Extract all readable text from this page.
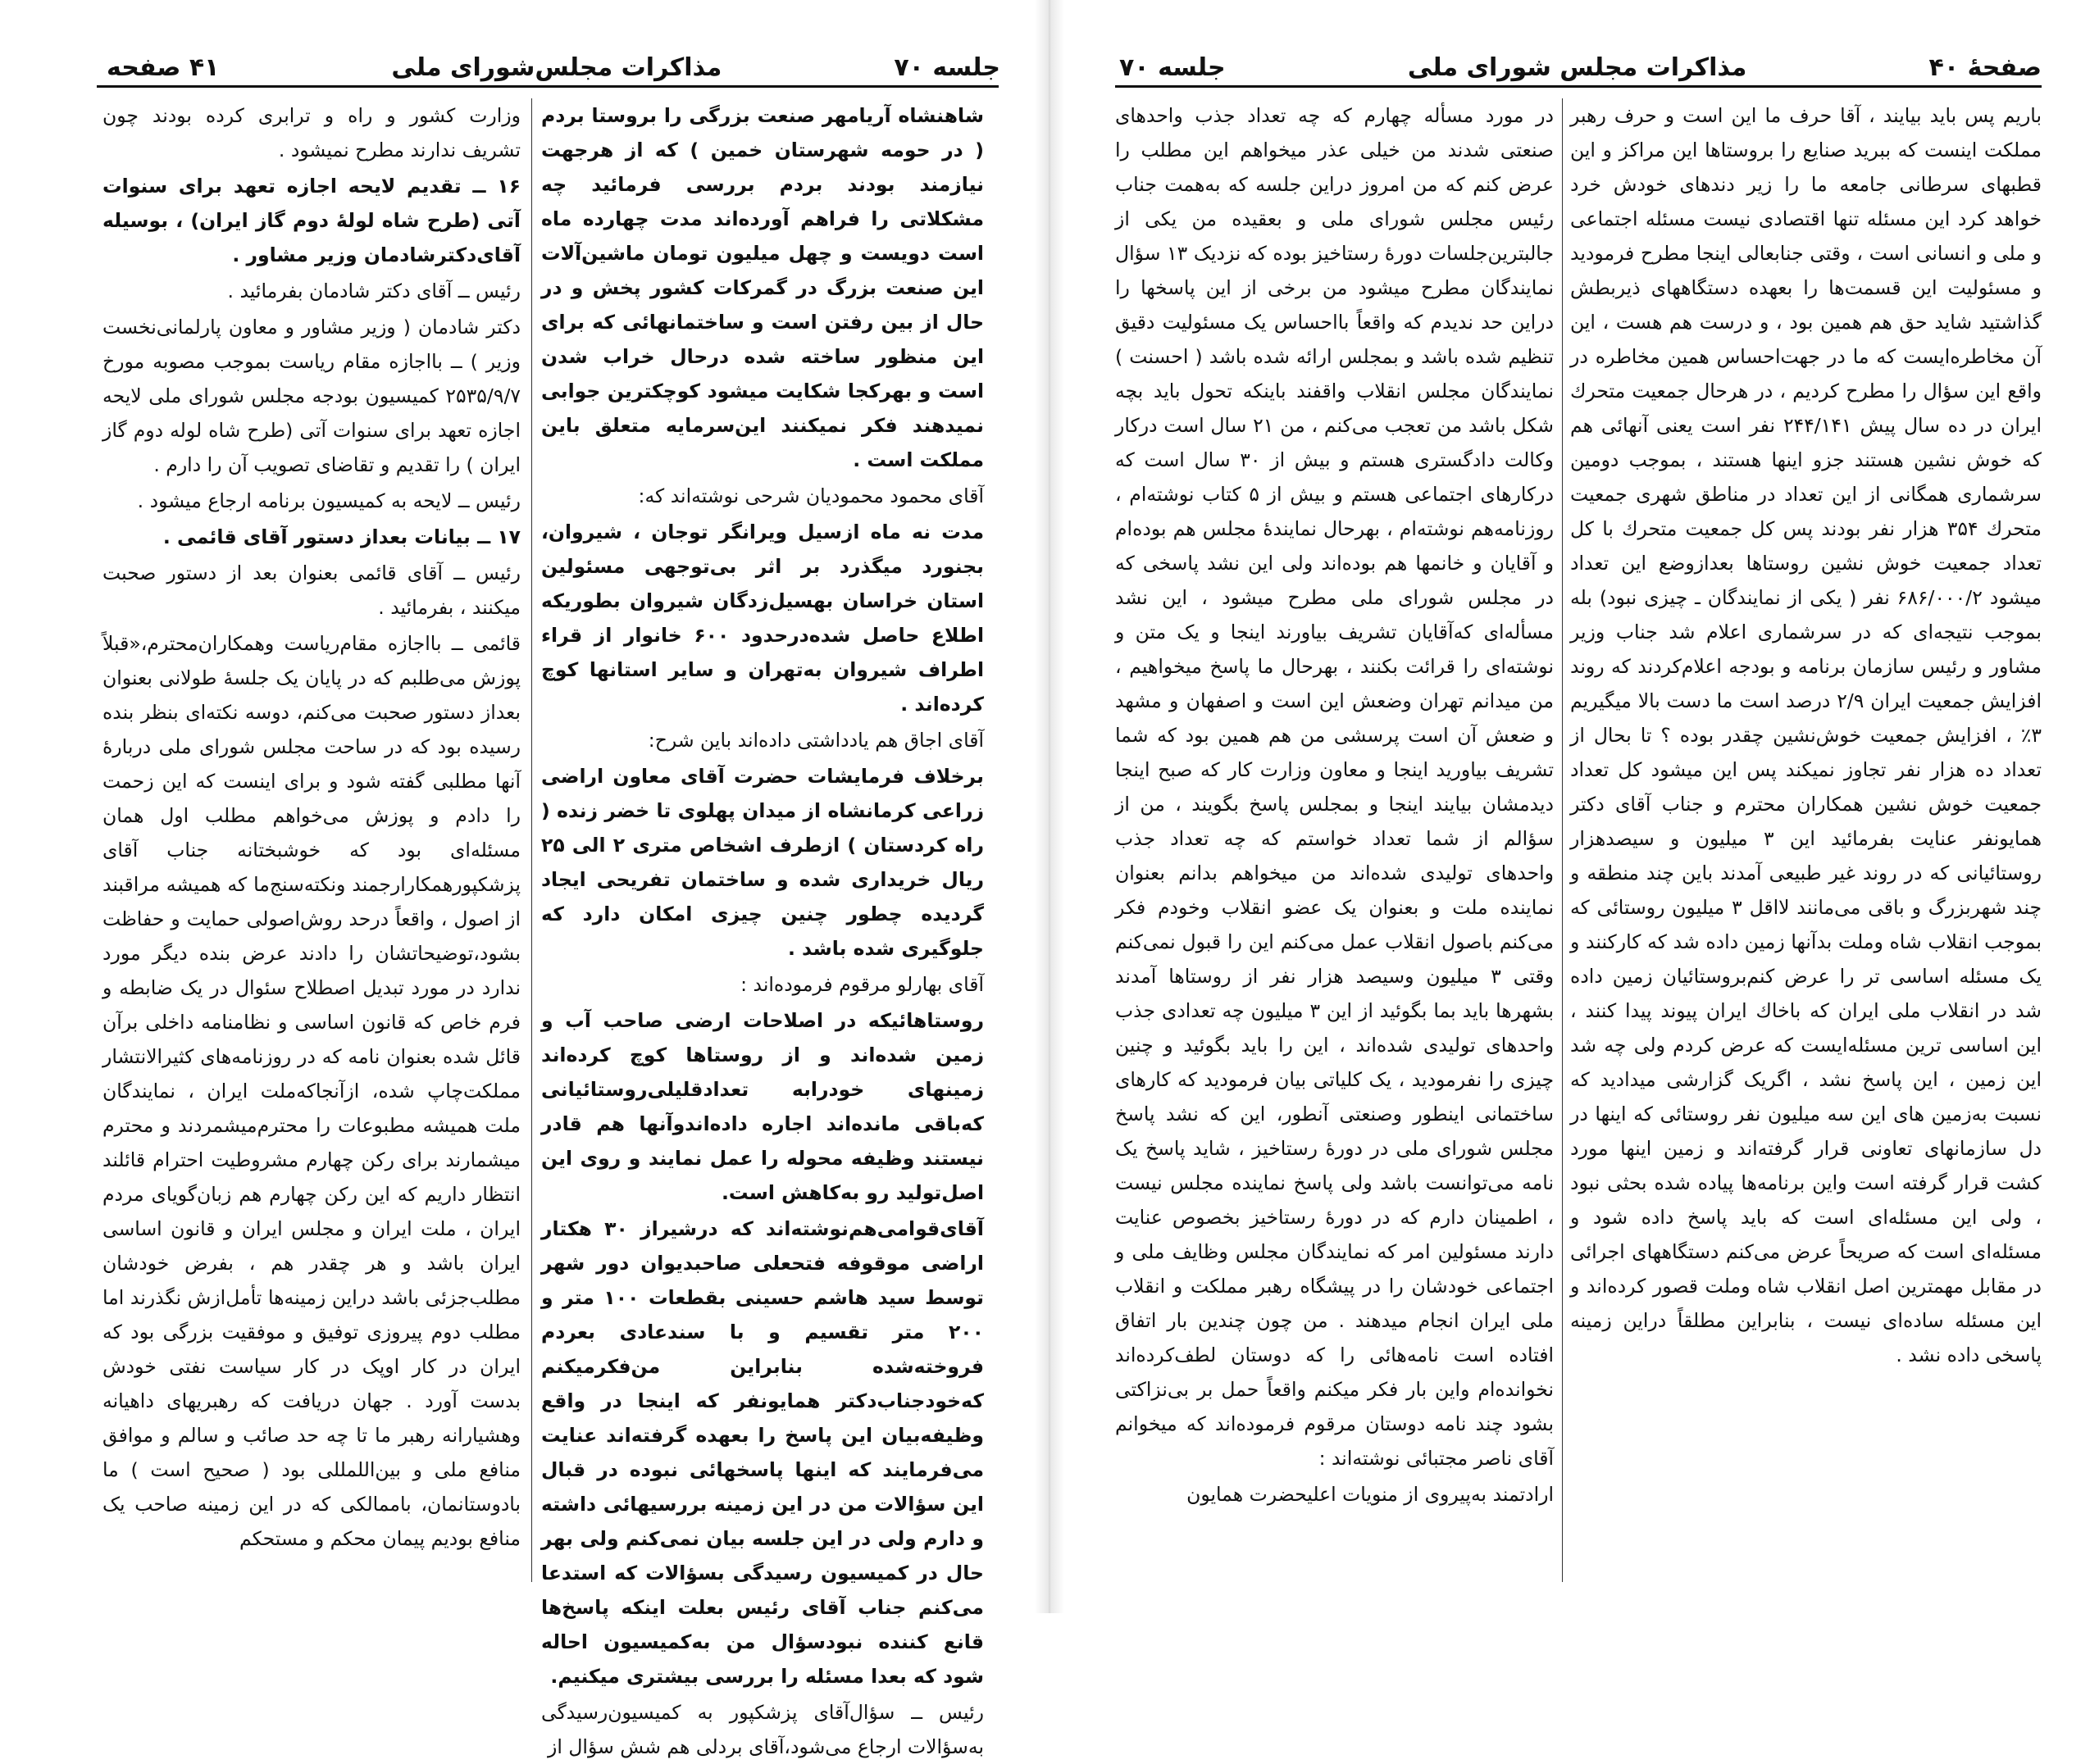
۴۱ صفحه	مذاکرات مجلس‌شورای ملی	جلسه ۷۰

شاهنشاه آریامهر صنعت بزرگی را بروستا بردم ( در حومه شهرستان خمین ) که از هرجهت نیازمند بودند بردم بررسی فرمائید چه مشکلاتی را فراهم آورده‌اند مدت چهارده ماه است دویست و چهل میلیون تومان ماشین‌آلات این صنعت بزرگ در گمرکات کشور پخش و در حال از بین رفتن است و ساختمانهائی که برای این منظور ساخته شده درحال خراب شدن است و بهرکجا شکایت میشود کوچکترین جوابی نمیدهند فکر نمیکنند این‌سرمایه متعلق باین مملکت است .

آقای محمود محمودیان شرحی نوشته‌اند که:

مدت نه ماه ازسیل ویرانگر توجان ، شیروان، بجنورد میگذرد بر اثر بی‌توجهی مسئولین استان خراسان بهسیل‌زدگان شیروان بطوریکه اطلاع حاصل شده‌درحدود ۶۰۰ خانوار از قراء اطراف شیروان به‌تهران و سایر استانها کوچ کرده‌اند .

آقای اجاق هم یادداشتی داده‌اند باین شرح:

برخلاف فرمایشات حضرت آقای معاون اراضی زراعی کرمانشاه از میدان پهلوی تا خضر زنده ( راه کردستان ) ازطرف اشخاص متری ۲ الی ۲۵ ریال خریداری شده و ساختمان تفریحی ایجاد گردیده چطور چنین چیزی امکان دارد که جلوگیری شده باشد .

آقای بهارلو مرقوم فرموده‌اند :

روستاهائیکه در اصلاحات ارضی صاحب آب و زمین شده‌اند و از روستاها کوچ کرده‌اند زمینهای خودرابه تعدادقلیلی‌روستائیانی که‌باقی مانده‌اند اجاره داده‌اندوآنها هم قادر نیستند وظیفه محوله را عمل نمایند و روی این اصل‌تولید رو به‌کاهش است.

آقای‌قوامی‌هم‌نوشته‌اند که درشیراز ۳۰ هکتار اراضی موقوفه فتحعلی صاحبدیوان دور شهر توسط سید هاشم حسینی بقطعات ۱۰۰ متر و ۲۰۰ متر تقسیم و با سندعادی بعردم فروخته‌شده بنابراین من‌فکرمیکنم که‌خودجناب‌دکتر همایونفر که اینجا در واقع وظیفه‌بیان این پاسخ را بعهده گرفته‌اند عنایت می‌فرمایند که اینها پاسخهائی نبوده در قبال این سؤالات من در این زمینه بررسیهائی داشته و دارم ولی در این جلسه بیان نمی‌کنم ولی بهر حال در کمیسیون رسیدگی بسؤالات که استدعا می‌کنم جناب آقای رئیس بعلت اینکه پاسخ‌ها قانع کننده نبودسؤال من به‌کمیسیون احاله شود که بعدا مسئله را بررسی بیشتری میکنیم.

رئیس ــ سؤال‌آقای پزشکپور به کمیسیون‌رسیدگی به‌سؤالات ارجاع می‌شود،آقای بردلی هم شش سؤال از

وزارت کشور و راه و ترابری کرده بودند چون تشریف ندارند مطرح نمیشود .

۱۶ ــ تقدیم لایحه اجازه تعهد برای سنوات آتی (طرح شاه لولهٔ دوم گاز ایران) ، بوسیله آقای‌دکترشادمان وزیر مشاور .

رئیس ــ آقای دکتر شادمان بفرمائید .

دکتر شادمان ( وزیر مشاور و معاون پارلمانی‌نخست وزیر ) ــ بااجازه مقام ریاست بموجب مصوبه مورخ ۲۵۳۵/۹/۷ کمیسیون بودجه مجلس شورای ملی لایحه اجازه تعهد برای سنوات آتی (طرح شاه لوله دوم گاز ایران ) را تقدیم و تقاضای تصویب آن را دارم .

رئیس ــ لایحه به کمیسیون برنامه ارجاع میشود .

۱۷ ــ بیانات بعداز دستور آقای قائمی .

رئیس ــ آقای قائمی بعنوان بعد از دستور صحبت میکنند ، بفرمائید .

قائمی ــ بااجازه مقام‌ریاست وهمکاران‌محترم،«قبلاً پوزش می‌طلبم که در پایان یک جلسهٔ طولانی بعنوان بعداز دستور صحبت می‌کنم، دوسه نکته‌ای بنظر بنده رسیده بود که در ساحت مجلس شورای ملی دربارهٔ آنها مطلبی گفته شود و برای اینست که این زحمت را دادم و پوزش می‌خواهم مطلب اول همان مسئله‌ای بود که خوشبختانه جناب آقای پزشکپورهمکارارجمند ونکته‌سنج‌ما که همیشه مراقبند از اصول ، واقعاً درحد روش‌اصولی حمایت و حفاظت بشود،توضیحاتشان را دادند عرض بنده دیگر مورد ندارد در مورد تبدیل اصطلاح سئوال در یک ضابطه و فرم خاص که قانون اساسی و نظامنامه داخلی برآن قائل شده بعنوان نامه که در روزنامه‌های کثیرالانتشار مملکت‌چاپ شده، ازآنجاکه‌ملت ایران ، نمایندگان ملت همیشه مطبوعات را محترم‌میشمردند و محترم میشمارند برای رکن چهارم مشروطیت احترام قائلند انتظار داریم که این رکن چهارم هم زبان‌گویای مردم ایران ، ملت ایران و مجلس ایران و قانون اساسی ایران باشد و هر چقدر هم ، بفرض خودشان مطلب‌جزئی باشد دراین زمینه‌ها تأمل‌ازش نگذرند اما مطلب دوم پیروزی توفیق و موفقیت بزرگی بود که ایران در کار اوپک در کار سیاست نفتی خودش بدست آورد . جهان دریافت که رهبریهای داهیانه وهشیارانه رهبر ما تا چه حد صائب و سالم و موافق منافع ملی و بین‌اللمللی بود ( صحیح است ) ما بادوستانمان، باممالکی که در این زمینه صاحب یک منافع بودیم پیمان محکم و مستحکم

جلسه ۷۰	مذاکرات مجلس شورای ملی	صفحهٔ ۴۰

باریم پس باید بیایند ، آقا حرف ما این است و حرف رهبر مملکت اینست که ببرید صنایع را بروستاها این مراکز و این قطبهای سرطانی جامعه ما را زیر دندهای خودش خرد خواهد کرد این مسئله تنها اقتصادی نیست مسئله اجتماعی و ملی و انسانی است ، وقتی جنابعالی اینجا مطرح فرمودید و مسئولیت این قسمت‌ها را بعهده دستگاههای ذیربطش گذاشتید شاید حق هم همین بود ، و درست هم هست ، این آن مخاطره‌ایست که ما در جهت‌احساس همین مخاطره در واقع این سؤال را مطرح کردیم ، در هرحال جمعیت متحرك ایران در ده سال پیش ۲۴۴/۱۴۱ نفر است یعنی آنهائی هم که خوش نشین هستند جزو اینها هستند ، بموجب دومین سرشماری همگانی از این تعداد در مناطق شهری جمعیت متحرك ۳۵۴ هزار نفر بودند پس کل جمعیت متحرك با کل تعداد جمعیت خوش نشین روستاها بعدازوضع این تعداد میشود ۶۸۶/۰۰۰/۲ نفر ( یکی از نمایندگان ـ چیزی نبود) بله بموجب نتیجه‌ای که در سرشماری اعلام شد جناب وزیر مشاور و رئیس سازمان برنامه و بودجه اعلام‌کردند که روند افزایش جمعیت ایران ۲/۹ درصد است ما دست بالا میگیریم ۳٪ ، افزایش جمعیت خوش‌نشین چقدر بوده ؟ تا بحال از تعداد ده هزار نفر تجاوز نمیکند پس این میشود کل تعداد جمعیت خوش نشین همکاران محترم و جناب آقای دکتر همایونفر عنایت بفرمائید این ۳ میلیون و سیصدهزار روستائیانی که در روند غیر طبیعی آمدند باین چند منطقه و چند شهربزرگ و باقی می‌مانند لااقل ۳ میلیون روستائی که بموجب انقلاب شاه وملت بدآنها زمین داده شد که کارکنند و یک مسئله اساسی تر را عرض کنم‌بروستائیان زمین داده شد در انقلاب ملی ایران که باخاك ایران پیوند پیدا کنند ، این اساسی ترین مسئله‌ایست که عرض کردم ولی چه شد این زمین ، این پاسخ نشد ، اگریک گزارشی میدادید که نسبت به‌زمین های این سه میلیون نفر روستائی که اینها در دل سازمانهای تعاونی قرار گرفته‌اند و زمین اینها مورد کشت قرار گرفته است واین برنامه‌ها پیاده شده بحثی نبود ، ولی این مسئله‌ای است که باید پاسخ داده شود و مسئله‌ای است که صریحاً عرض می‌کنم دستگاههای اجرائی در مقابل مهمترین اصل انقلاب شاه وملت قصور کرده‌اند و این مسئله ساده‌ای نیست ، بنابراین مطلقاً دراین زمینه پاسخی داده نشد .

در مورد مسأله چهارم که چه تعداد جذب واحدهای صنعتی شدند من خیلی عذر میخواهم این مطلب را عرض کنم که من امروز دراین جلسه که به‌همت جناب رئیس مجلس شورای ملی و بعقیده من یکی از جالبترین‌جلسات دورهٔ رستاخیز بوده که نزدیک ۱۳ سؤال نمایندگان مطرح میشود من برخی از این پاسخها را دراین حد ندیدم که واقعاً بااحساس یک مسئولیت دقیق تنظیم شده باشد و بمجلس ارائه شده باشد ( احسنت ) نمایندگان مجلس انقلاب واقفند باینکه تحول باید بچه شکل باشد من تعجب می‌کنم ، من ۲۱ سال است درکار وکالت دادگستری هستم و بیش از ۳۰ سال است که درکارهای اجتماعی هستم و بیش از ۵ کتاب نوشته‌ام ، روزنامه‌هم نوشته‌ام ، بهرحال نمایندهٔ مجلس هم بوده‌ام و آقایان و خانمها هم بوده‌اند ولی این نشد پاسخی که در مجلس شورای ملی مطرح میشود ، این نشد مسأله‌ای که‌آقایان تشریف بیاورند اینجا و یک متن و نوشته‌ای را قرائت بکنند ، بهرحال ما پاسخ میخواهیم ، من میدانم تهران وضعش این است و اصفهان و مشهد و ضعش آن است پرسشی من هم همین بود که شما تشریف بیاورید اینجا و معاون وزارت کار که صبح اینجا دیدمشان بیایند اینجا و بمجلس پاسخ بگویند ، من از سؤالم از شما تعداد خواستم که چه تعداد جذب واحدهای تولیدی شده‌اند من میخواهم بدانم بعنوان نماینده ملت و بعنوان یک عضو انقلاب وخودم فکر می‌کنم باصول انقلاب عمل می‌کنم این را قبول نمی‌کنم وقتی ۳ میلیون وسیصد هزار نفر از روستاها آمدند بشهرها باید بما بگوئید از این ۳ میلیون چه تعدادی جذب واحدهای تولیدی شده‌اند ، این را باید بگوئید و چنین چیزی را نفرمودید ، یک کلیاتی بیان فرمودید که کارهای ساختمانی اینطور وصنعتی آنطور، این که نشد پاسخ مجلس شورای ملی در دورهٔ رستاخیز ، شاید پاسخ یک نامه می‌توانست باشد ولی پاسخ نماینده مجلس نیست ، اطمینان دارم که در دورهٔ رستاخیز بخصوص عنایت دارند مسئولین امر که نمایندگان مجلس وظایف ملی و اجتماعی خودشان را در پیشگاه رهبر مملکت و انقلاب ملی ایران انجام میدهند . من چون چندین بار اتفاق افتاده است نامه‌هائی را که دوستان لطف‌کرده‌اند نخوانده‌ام واین بار فکر میکنم واقعاً حمل بر بی‌نزاکتی بشود چند نامه دوستان مرقوم فرموده‌اند که میخوانم آقای ناصر مجتبائی نوشته‌اند :

ارادتمند به‌پیروی از منویات اعلیحضرت همایون
